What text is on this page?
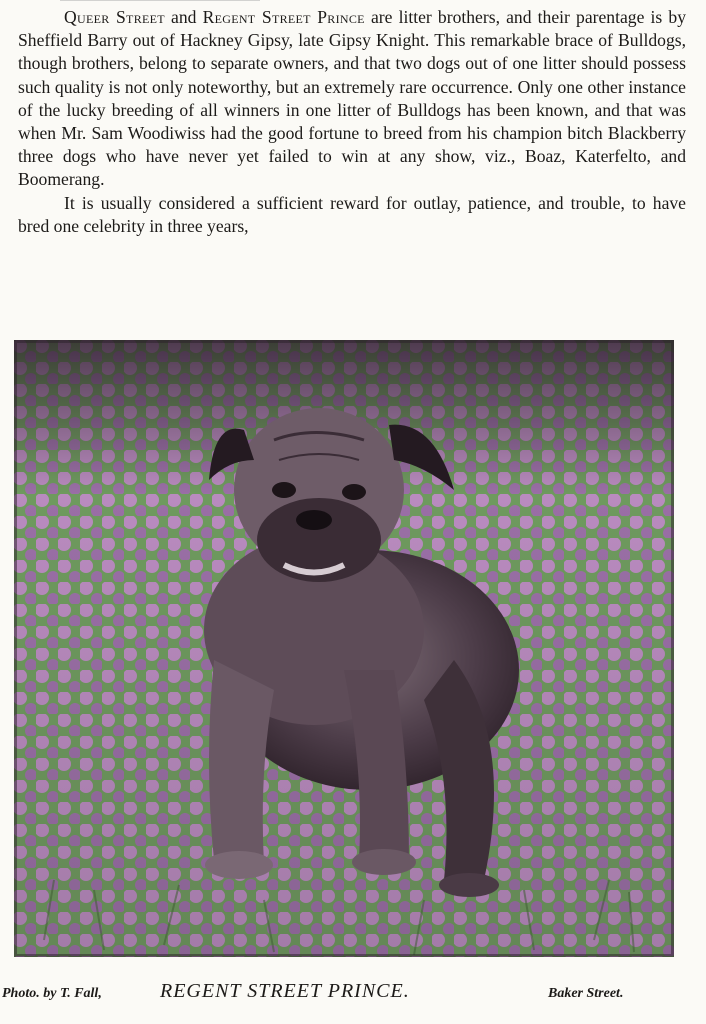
Queer Street and Regent Street Prince are litter brothers, and their parentage is by Sheffield Barry out of Hackney Gipsy, late Gipsy Knight. This remarkable brace of Bulldogs, though brothers, belong to separate owners, and that two dogs out of one litter should possess such quality is not only noteworthy, but an extremely rare occurrence. Only one other instance of the lucky breeding of all winners in one litter of Bulldogs has been known, and that was when Mr. Sam Woodiwiss had the good fortune to breed from his champion bitch Blackberry three dogs who have never yet failed to win at any show, viz., Boaz, Katerfelto, and Boomerang.

It is usually considered a sufficient reward for outlay, patience, and trouble, to have bred one celebrity in three years,

Photo. by T. Fall,	REGENT STREET PRINCE.	Baker Street.
